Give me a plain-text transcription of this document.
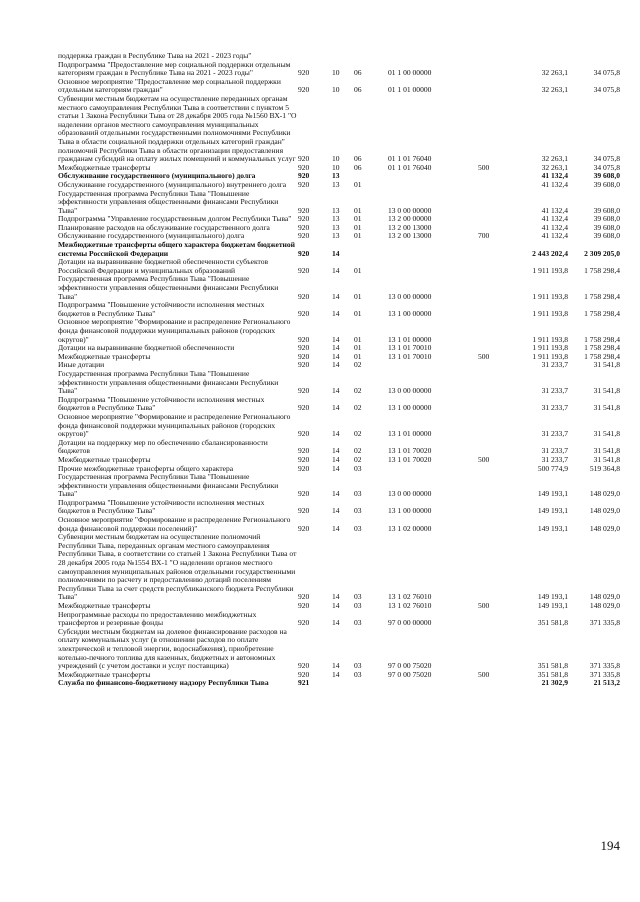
поддержка граждан в Республике Тыва на 2021 - 2023 годы"							
Подпрограмма "Предоставление мер социальной поддержки отдельным категориям граждан в Республике Тыва на 2021 - 2023 годы"	920	10	06	01 1 00 00000		32 263,1	34 075,8
Основное мероприятие "Предоставление мер социальной поддержки отдельным категориям граждан"	920	10	06	01 1 01 00000		32 263,1	34 075,8
Субвенции местным бюджетам на осуществление переданных органам местного самоуправления Республики Тыва в соответствии с пунктом 5 статьи 1 Закона Республики Тыва от 28 декабря 2005 года №1560 ВХ-1 "О наделении органов местного самоуправления муниципальных образований отдельными государственными полномочиями Республики Тыва в области социальной поддержки отдельных категорий граждан" полномочий Республики Тыва в области организации предоставления гражданам субсидий на оплату жилых помещений и коммунальных услуг	920	10	06	01 1 01 76040		32 263,1	34 075,8
Межбюджетные трансферты	920	10	06	01 1 01 76040	500	32 263,1	34 075,8
Обслуживание государственного (муниципального) долга	920	13				41 132,4	39 608,0
Обслуживание государственного (муниципального) внутреннего долга	920	13	01			41 132,4	39 608,0
Государственная программа Республики Тыва "Повышение эффективности управления общественными финансами Республики Тыва"	920	13	01	13 0 00 00000		41 132,4	39 608,0
Подпрограмма "Управление государственным долгом Республики Тыва"	920	13	01	13 2 00 00000		41 132,4	39 608,0
Планирование расходов на обслуживание государственного долга	920	13	01	13 2 00 13000		41 132,4	39 608,0
Обслуживание государственного (муниципального) долга	920	13	01	13 2 00 13000	700	41 132,4	39 608,0
Межбюджетные трансферты общего характера бюджетам бюджетной системы Российской Федерации	920	14				2 443 202,4	2 309 205,0
Дотации на выравнивание бюджетной обеспеченности субъектов Российской Федерации и муниципальных образований	920	14	01			1 911 193,8	1 758 298,4
Государственная программа Республики Тыва "Повышение эффективности управления общественными финансами Республики Тыва"	920	14	01	13 0 00 00000		1 911 193,8	1 758 298,4
Подпрограмма "Повышение устойчивости исполнения местных бюджетов в Республике Тыва"	920	14	01	13 1 00 00000		1 911 193,8	1 758 298,4
Основное мероприятие "Формирование и распределение Регионального фонда финансовой поддержки муниципальных районов (городских округов)"	920	14	01	13 1 01 00000		1 911 193,8	1 758 298,4
Дотации на выравнивание бюджетной обеспеченности	920	14	01	13 1 01 70010		1 911 193,8	1 758 298,4
Межбюджетные трансферты	920	14	01	13 1 01 70010	500	1 911 193,8	1 758 298,4
Иные дотации	920	14	02			31 233,7	31 541,8
Государственная программа Республики Тыва "Повышение эффективности управления общественными финансами Республики Тыва"	920	14	02	13 0 00 00000		31 233,7	31 541,8
Подпрограмма "Повышение устойчивости исполнения местных бюджетов в Республике Тыва"	920	14	02	13 1 00 00000		31 233,7	31 541,8
Основное мероприятие "Формирование и распределение Регионального фонда финансовой поддержки муниципальных районов (городских округов)"	920	14	02	13 1 01 00000		31 233,7	31 541,8
Дотации на поддержку мер по обеспечению сбалансированности бюджетов	920	14	02	13 1 01 70020		31 233,7	31 541,8
Межбюджетные трансферты	920	14	02	13 1 01 70020	500	31 233,7	31 541,8
Прочие межбюджетные трансферты общего характера	920	14	03			500 774,9	519 364,8
Государственная программа Республики Тыва "Повышение эффективности управления общественными финансами Республики Тыва"	920	14	03	13 0 00 00000		149 193,1	148 029,0
Подпрограмма "Повышение устойчивости исполнения местных бюджетов в Республике Тыва"	920	14	03	13 1 00 00000		149 193,1	148 029,0
Основное мероприятие "Формирование и распределение Регионального фонда финансовой поддержки поселений)"	920	14	03	13 1 02 00000		149 193,1	148 029,0
Субвенции местным бюджетам на осуществление полномочий Республики Тыва, переданных органам местного самоуправления Республики Тыва, в соответствии со статьей 1 Закона Республики Тыва от 28 декабря 2005 года №1554 ВХ-1 "О наделении органов местного самоуправления муниципальных районов отдельными государственными полномочиями по расчету и предоставлению дотаций поселениям Республики Тыва за счет средств республиканского бюджета Республики Тыва"	920	14	03	13 1 02 76010		149 193,1	148 029,0
Межбюджетные трансферты	920	14	03	13 1 02 76010	500	149 193,1	148 029,0
Непрограммные расходы по предоставлению межбюджетных трансфертов и резервные фонды	920	14	03	97 0 00 00000		351 581,8	371 335,8
Субсидии местным бюджетам на долевое финансирование расходов на оплату коммунальных услуг (в отношении расходов по оплате электрической и тепловой энергии, водоснабжения), приобретение котельно-печного топлива для казенных, бюджетных и автономных учреждений (с учетом доставки и услуг поставщика)	920	14	03	97 0 00 75020		351 581,8	371 335,8
Межбюджетные трансферты	920	14	03	97 0 00 75020	500	351 581,8	371 335,8
Служба по финансово-бюджетному надзору Республики Тыва	921					21 302,9	21 513,2
194
